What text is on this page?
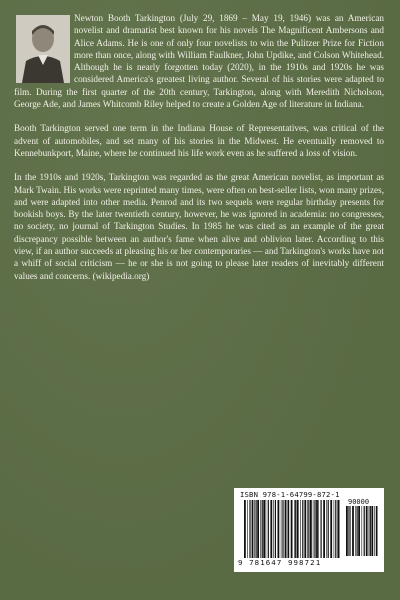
Newton Booth Tarkington (July 29, 1869 – May 19, 1946) was an American novelist and dramatist best known for his novels The Magnificent Ambersons and Alice Adams. He is one of only four novelists to win the Pulitzer Prize for Fiction more than once, along with William Faulkner, John Updike, and Colson Whitehead. Although he is nearly forgotten today (2020), in the 1910s and 1920s he was considered America's greatest living author. Several of his stories were adapted to film. During the first quarter of the 20th century, Tarkington, along with Meredith Nicholson, George Ade, and James Whitcomb Riley helped to create a Golden Age of literature in Indiana.

Booth Tarkington served one term in the Indiana House of Representatives, was critical of the advent of automobiles, and set many of his stories in the Midwest. He eventually removed to Kennebunkport, Maine, where he continued his life work even as he suffered a loss of vision.

In the 1910s and 1920s, Tarkington was regarded as the great American novelist, as important as Mark Twain. His works were reprinted many times, were often on best-seller lists, won many prizes, and were adapted into other media. Penrod and its two sequels were regular birthday presents for bookish boys. By the later twentieth century, however, he was ignored in academia: no congresses, no society, no journal of Tarkington Studies. In 1985 he was cited as an example of the great discrepancy possible between an author's fame when alive and oblivion later. According to this view, if an author succeeds at pleasing his or her contemporaries — and Tarkington's works have not a whiff of social criticism — he or she is not going to please later readers of inevitably different values and concerns. (wikipedia.org)

ISBN 978-1-64799-872-1
90000
9 781647 998721
